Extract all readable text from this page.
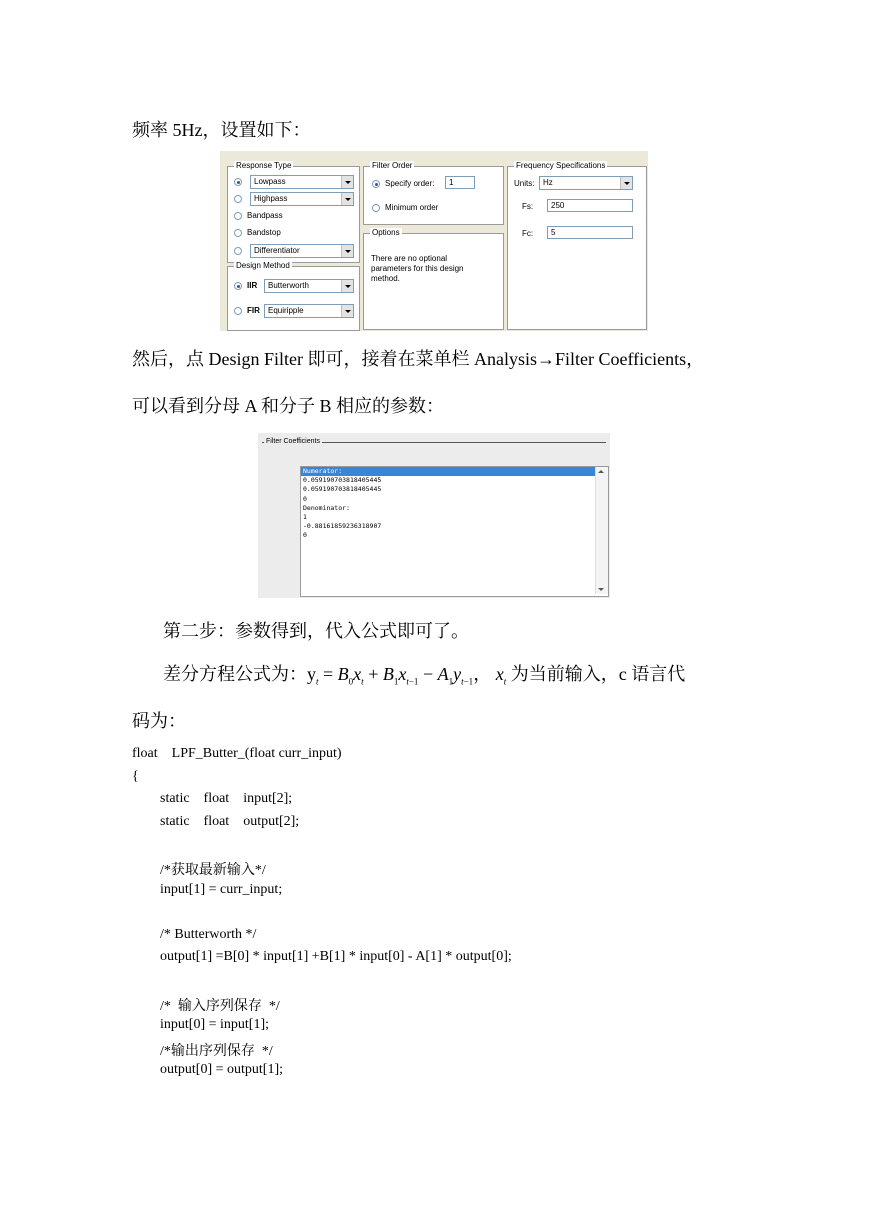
频率 5Hz，设置如下：
Response Type
Lowpass
Highpass
Bandpass
Bandstop
Differentiator
Design Method
IIR	Butterworth
FIR	Equiripple
Filter Order
Specify order:	1
Minimum order
Options
There are no optional
parameters for this design
method.
Frequency Specifications
Units:	Hz
Fs:	250
Fc:	5
然后，点 Design Filter 即可，接着在菜单栏 Analysis→Filter Coefficients，
可以看到分母 A 和分子 B 相应的参数：
Filter Coefficients
Numerator:
0.059190703818405445
0.059190703818405445
0
Denominator:
1
-0.88161859236318907
0
第二步：参数得到，代入公式即可了。
差分方程公式为：$y_t = B_0x_t + B_1x_{t-1} - A_1y_{t-1}$， $x_t$ 为当前输入，c 语言代
码为：
float    LPF_Butter_(float curr_input)
{
static    float    input[2];
static    float    output[2];
/*获取最新输入*/
input[1] = curr_input;
/* Butterworth */
output[1] =B[0] * input[1] +B[1] * input[0] - A[1] * output[0];
/*  输入序列保存  */
input[0] = input[1];
/*输出序列保存  */
output[0] = output[1];
